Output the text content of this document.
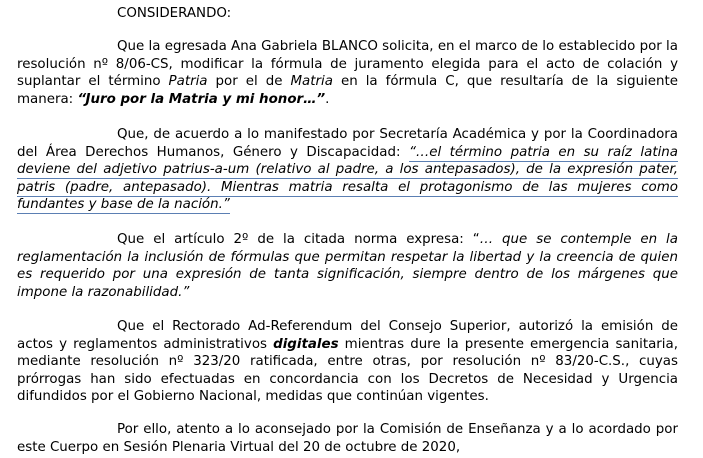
CONSIDERANDO:

Que la egresada Ana Gabriela BLANCO solicita, en el marco de lo establecido por la resolución nº 8/06-CS, modificar la fórmula de juramento elegida para el acto de colación y suplantar el término Patria por el de Matria en la fórmula C, que resultaría de la siguiente manera: “Juro por la Matria y mi honor…”.

Que, de acuerdo a lo manifestado por Secretaría Académica y por la Coordinadora del Área Derechos Humanos, Género y Discapacidad: “…el término patria en su raíz latina deviene del adjetivo patrius-a-um (relativo al padre, a los antepasados), de la expresión pater, patris (padre, antepasado). Mientras matria resalta el protagonismo de las mujeres como fundantes y base de la nación.”

Que el artículo 2º de la citada norma expresa: “… que se contemple en la reglamentación la inclusión de fórmulas que permitan respetar la libertad y la creencia de quien es requerido por una expresión de tanta significación, siempre dentro de los márgenes que impone la razonabilidad.”

Que el Rectorado Ad-Referendum del Consejo Superior, autorizó la emisión de actos y reglamentos administrativos digitales mientras dure la presente emergencia sanitaria, mediante resolución nº 323/20 ratificada, entre otras, por resolución nº 83/20-C.S., cuyas prórrogas han sido efectuadas en concordancia con los Decretos de Necesidad y Urgencia difundidos por el Gobierno Nacional, medidas que continúan vigentes.

Por ello, atento a lo aconsejado por la Comisión de Enseñanza y a lo acordado por este Cuerpo en Sesión Plenaria Virtual del 20 de octubre de 2020,
